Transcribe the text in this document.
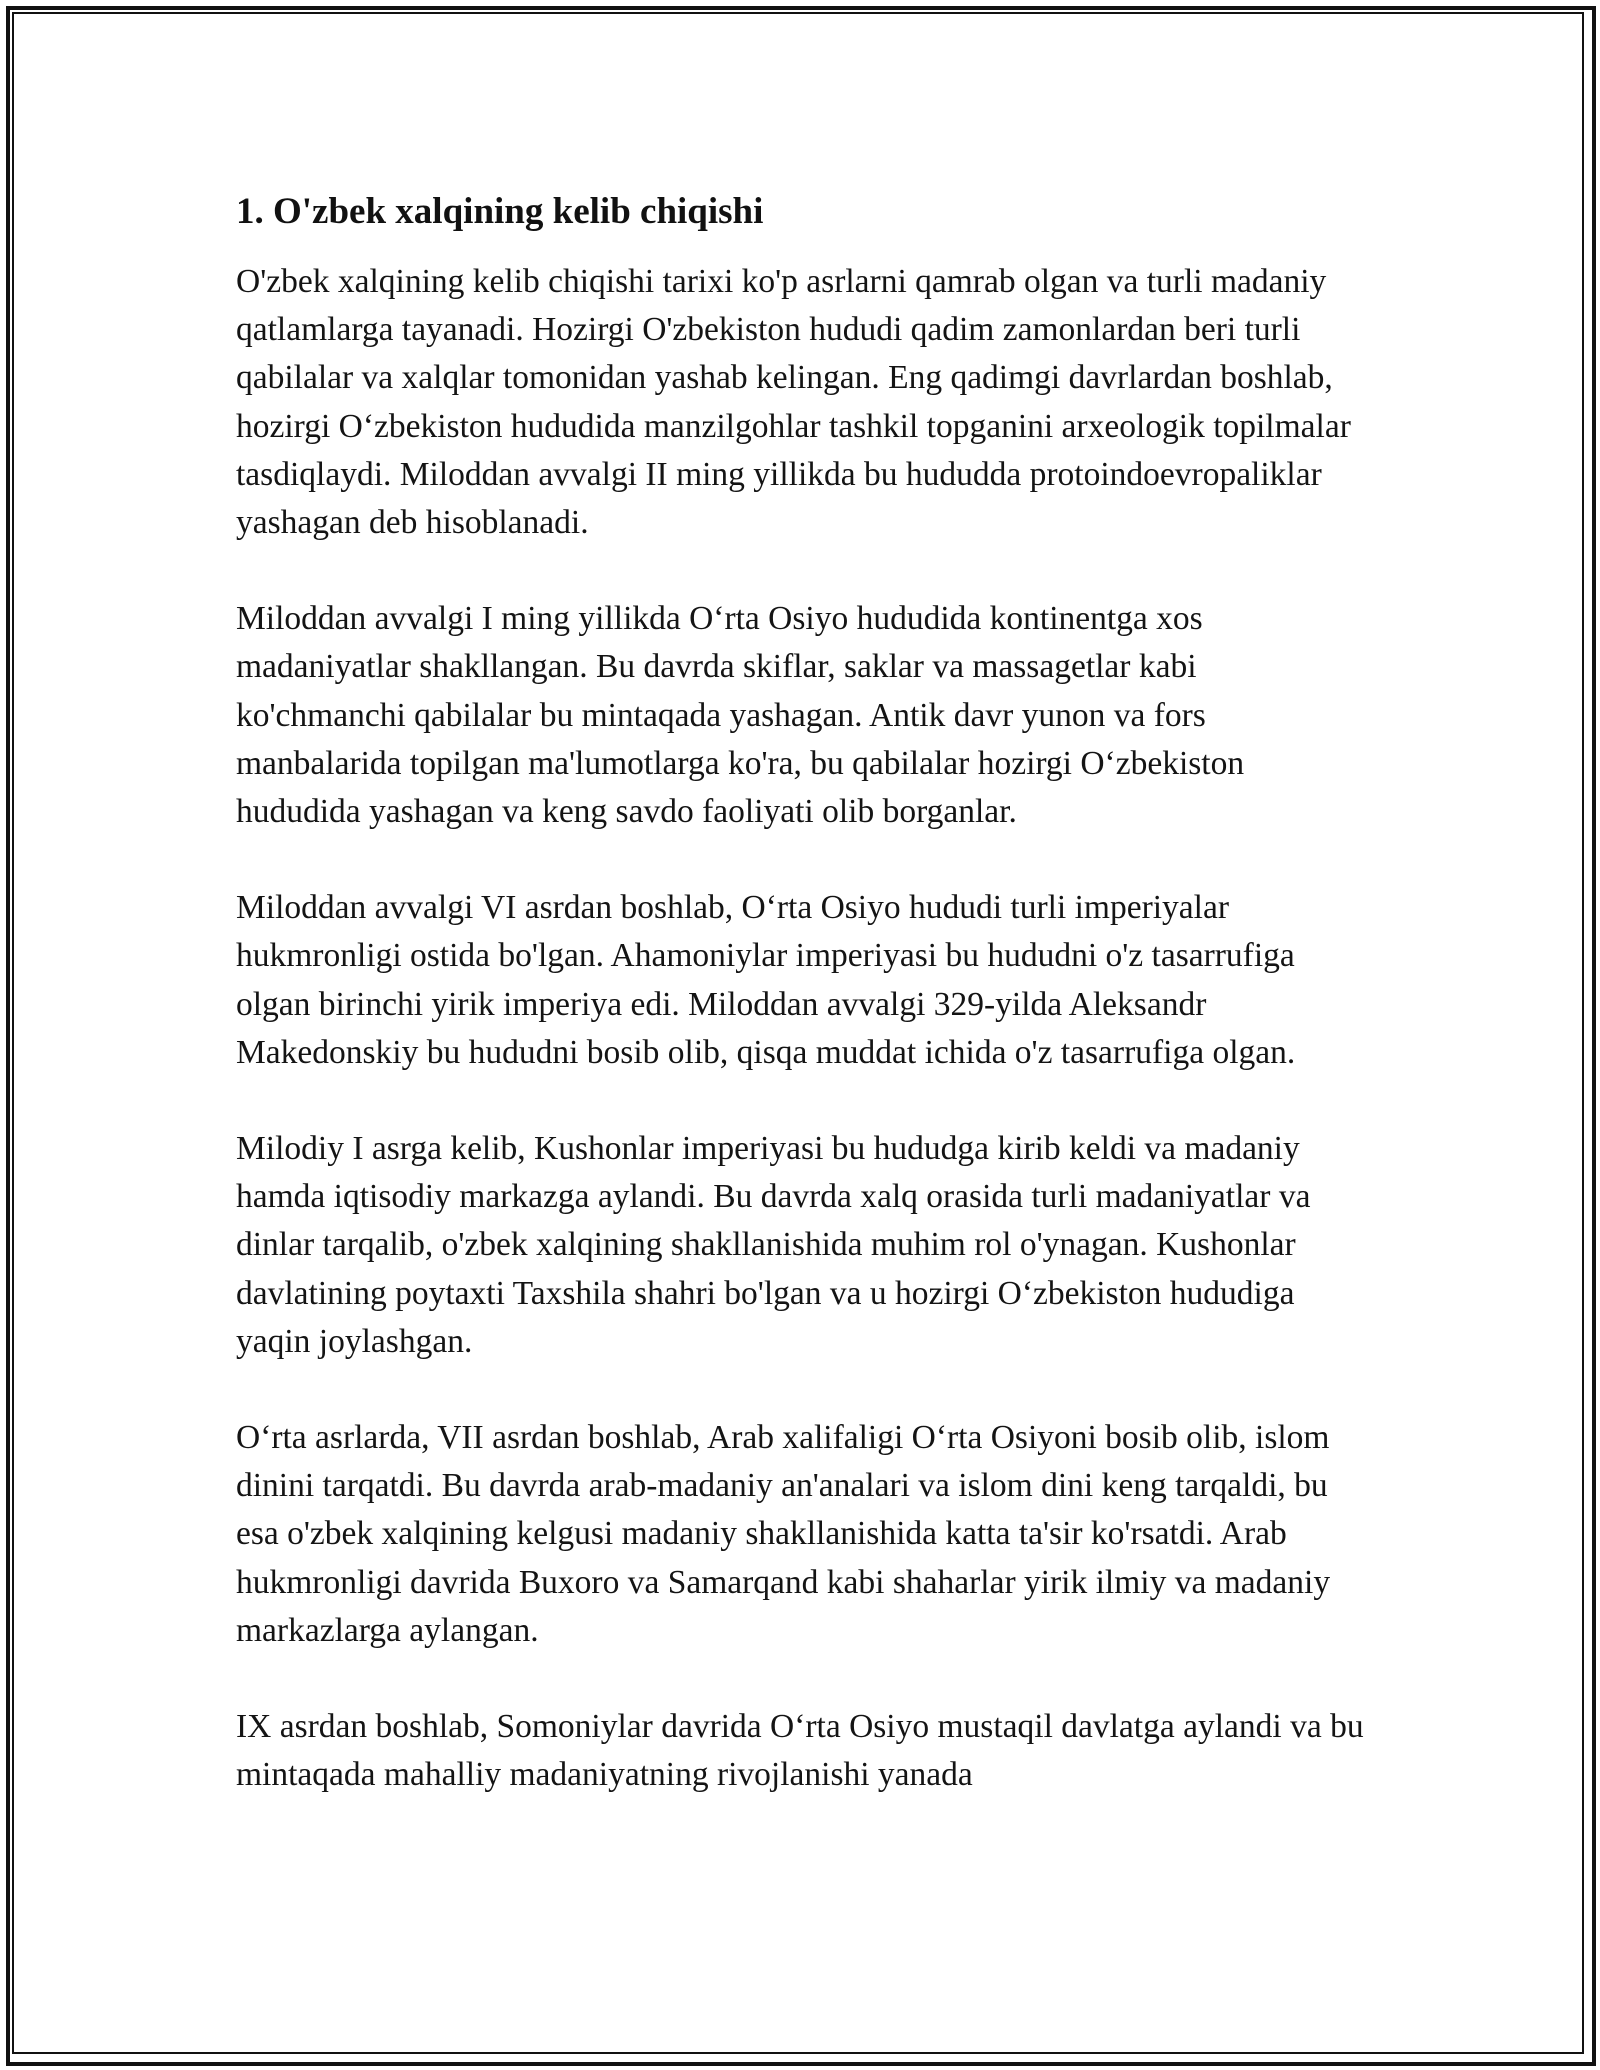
1. O'zbek xalqining kelib chiqishi

O'zbek xalqining kelib chiqishi tarixi ko'p asrlarni qamrab olgan va turli madaniy qatlamlarga tayanadi. Hozirgi O'zbekiston hududi qadim zamonlardan beri turli qabilalar va xalqlar tomonidan yashab kelingan. Eng qadimgi davrlardan boshlab, hozirgi O‘zbekiston hududida manzilgohlar tashkil topganini arxeologik topilmalar tasdiqlaydi. Miloddan avvalgi II ming yillikda bu hududda protoindoevropaliklar yashagan deb hisoblanadi.

Miloddan avvalgi I ming yillikda O‘rta Osiyo hududida kontinentga xos madaniyatlar shakllangan. Bu davrda skiflar, saklar va massagetlar kabi ko'chmanchi qabilalar bu mintaqada yashagan. Antik davr yunon va fors manbalarida topilgan ma'lumotlarga ko'ra, bu qabilalar hozirgi O‘zbekiston hududida yashagan va keng savdo faoliyati olib borganlar.

Miloddan avvalgi VI asrdan boshlab, O‘rta Osiyo hududi turli imperiyalar hukmronligi ostida bo'lgan. Ahamoniylar imperiyasi bu hududni o'z tasarrufiga olgan birinchi yirik imperiya edi. Miloddan avvalgi 329-yilda Aleksandr Makedonskiy bu hududni bosib olib, qisqa muddat ichida o'z tasarrufiga olgan.

Milodiy I asrga kelib, Kushonlar imperiyasi bu hududga kirib keldi va madaniy hamda iqtisodiy markazga aylandi. Bu davrda xalq orasida turli madaniyatlar va dinlar tarqalib, o'zbek xalqining shakllanishida muhim rol o'ynagan. Kushonlar davlatining poytaxti Taxshila shahri bo'lgan va u hozirgi O‘zbekiston hududiga yaqin joylashgan.

O‘rta asrlarda, VII asrdan boshlab, Arab xalifaligi O‘rta Osiyoni bosib olib, islom dinini tarqatdi. Bu davrda arab-madaniy an'analari va islom dini keng tarqaldi, bu esa o'zbek xalqining kelgusi madaniy shakllanishida katta ta'sir ko'rsatdi. Arab hukmronligi davrida Buxoro va Samarqand kabi shaharlar yirik ilmiy va madaniy markazlarga aylangan.

IX asrdan boshlab, Somoniylar davrida O‘rta Osiyo mustaqil davlatga aylandi va bu mintaqada mahalliy madaniyatning rivojlanishi yanada
